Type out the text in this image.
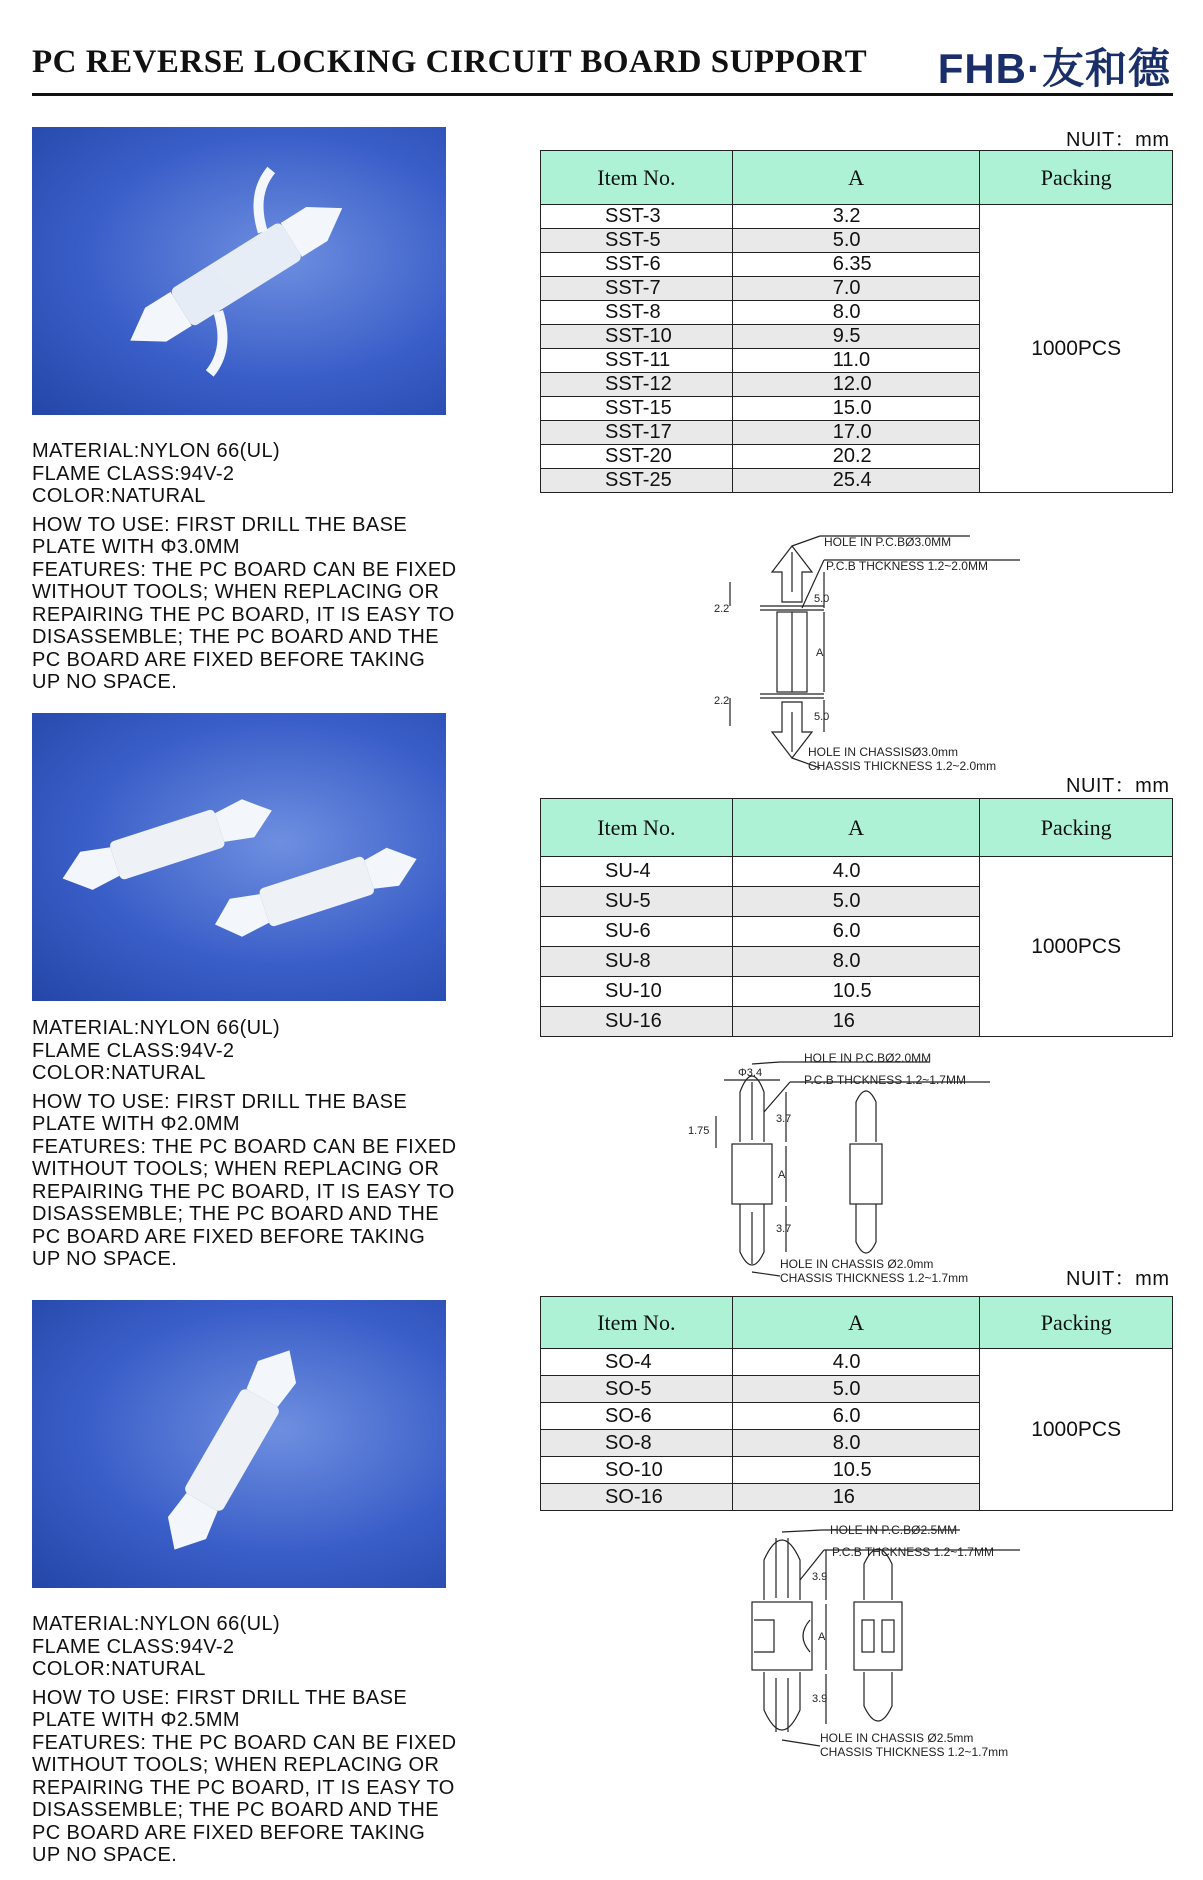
PC REVERSE LOCKING CIRCUIT BOARD SUPPORT FHB·友和德
MATERIAL:NYLON 66(UL)
FLAME CLASS:94V-2
COLOR:NATURAL
HOW TO USE: FIRST DRILL THE BASE
PLATE WITH Φ3.0MM
FEATURES: THE PC BOARD CAN BE FIXED
WITHOUT TOOLS; WHEN REPLACING OR
REPAIRING THE PC BOARD, IT IS EASY TO
DISASSEMBLE; THE PC BOARD AND THE
PC BOARD ARE FIXED BEFORE TAKING
UP NO SPACE.
NUIT：mm
Item No.	A	Packing
SST-3	3.2	1000PCS
SST-5	5.0	
SST-6	6.35	
SST-7	7.0	
SST-8	8.0	
SST-10	9.5	
SST-11	11.0	
SST-12	12.0	
SST-15	15.0	
SST-17	17.0	
SST-20	20.2	
SST-25	25.4	
2.2
2.2
5.0
A
5.0
HOLE IN P.C.BØ3.0MM
P.C.B THCKNESS 1.2~2.0MM
HOLE IN CHASSISØ3.0mm
CHASSIS THICKNESS 1.2~2.0mm
MATERIAL:NYLON 66(UL)
FLAME CLASS:94V-2
COLOR:NATURAL
HOW TO USE: FIRST DRILL THE BASE
PLATE WITH Φ2.0MM
FEATURES: THE PC BOARD CAN BE FIXED
WITHOUT TOOLS; WHEN REPLACING OR
REPAIRING THE PC BOARD, IT IS EASY TO
DISASSEMBLE; THE PC BOARD AND THE
PC BOARD ARE FIXED BEFORE TAKING
UP NO SPACE.
NUIT：mm
Item No.	A	Packing
SU-4	4.0	1000PCS
SU-5	5.0	
SU-6	6.0	
SU-8	8.0	
SU-10	10.5	
SU-16	16	
Φ3.4
1.75
3.7
A
3.7
HOLE IN P.C.BØ2.0MM
P.C.B THCKNESS 1.2~1.7MM
HOLE IN CHASSIS Ø2.0mm
CHASSIS THICKNESS 1.2~1.7mm	NUIT：mm
MATERIAL:NYLON 66(UL)
FLAME CLASS:94V-2
COLOR:NATURAL
HOW TO USE: FIRST DRILL THE BASE
PLATE WITH Φ2.5MM
FEATURES: THE PC BOARD CAN BE FIXED
WITHOUT TOOLS; WHEN REPLACING OR
REPAIRING THE PC BOARD, IT IS EASY TO
DISASSEMBLE; THE PC BOARD AND THE
PC BOARD ARE FIXED BEFORE TAKING
UP NO SPACE.
Item No.	A	Packing
SO-4	4.0	1000PCS
SO-5	5.0	
SO-6	6.0	
SO-8	8.0	
SO-10	10.5	
SO-16	16	
3.9
A
3.9
HOLE IN P.C.BØ2.5MM
P.C.B THCKNESS 1.2~1.7MM
HOLE IN CHASSIS Ø2.5mm
CHASSIS THICKNESS 1.2~1.7mm
